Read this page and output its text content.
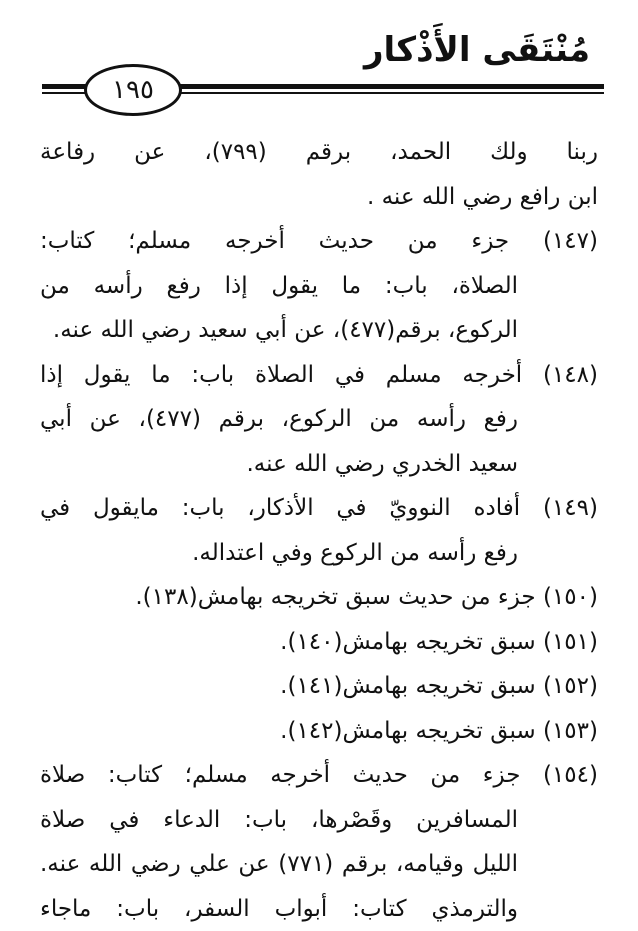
مُنْتَقَى الأَذْكار
١٩٥
ربنا ولك الحمد، برقم (٧٩٩)، عن رفاعة
ابن رافع رضي الله عنه .
(١٤٧) جزء من حديث أخرجه مسلم؛ كتاب:
الصلاة، باب: ما يقول إذا رفع رأسه من
الركوع، برقم(٤٧٧)، عن أبي سعيد رضي الله عنه.
(١٤٨) أخرجه مسلم في الصلاة باب: ما يقول إذا
رفع رأسه من الركوع، برقم (٤٧٧)، عن أبي
سعيد الخدري رضي الله عنه.
(١٤٩) أفاده النوويّ في الأذكار، باب: مايقول في
رفع رأسه من الركوع وفي اعتداله.
(١٥٠) جزء من حديث سبق تخريجه بهامش(١٣٨).
(١٥١) سبق تخريجه بهامش(١٤٠).
(١٥٢) سبق تخريجه بهامش(١٤١).
(١٥٣) سبق تخريجه بهامش(١٤٢).
(١٥٤) جزء من حديث أخرجه مسلم؛ كتاب: صلاة
المسافرين وقَصْرها، باب: الدعاء في صلاة
الليل وقيامه، برقم (٧٧١) عن علي رضي الله عنه.
والترمذي كتاب: أبواب السفر، باب: ماجاء
